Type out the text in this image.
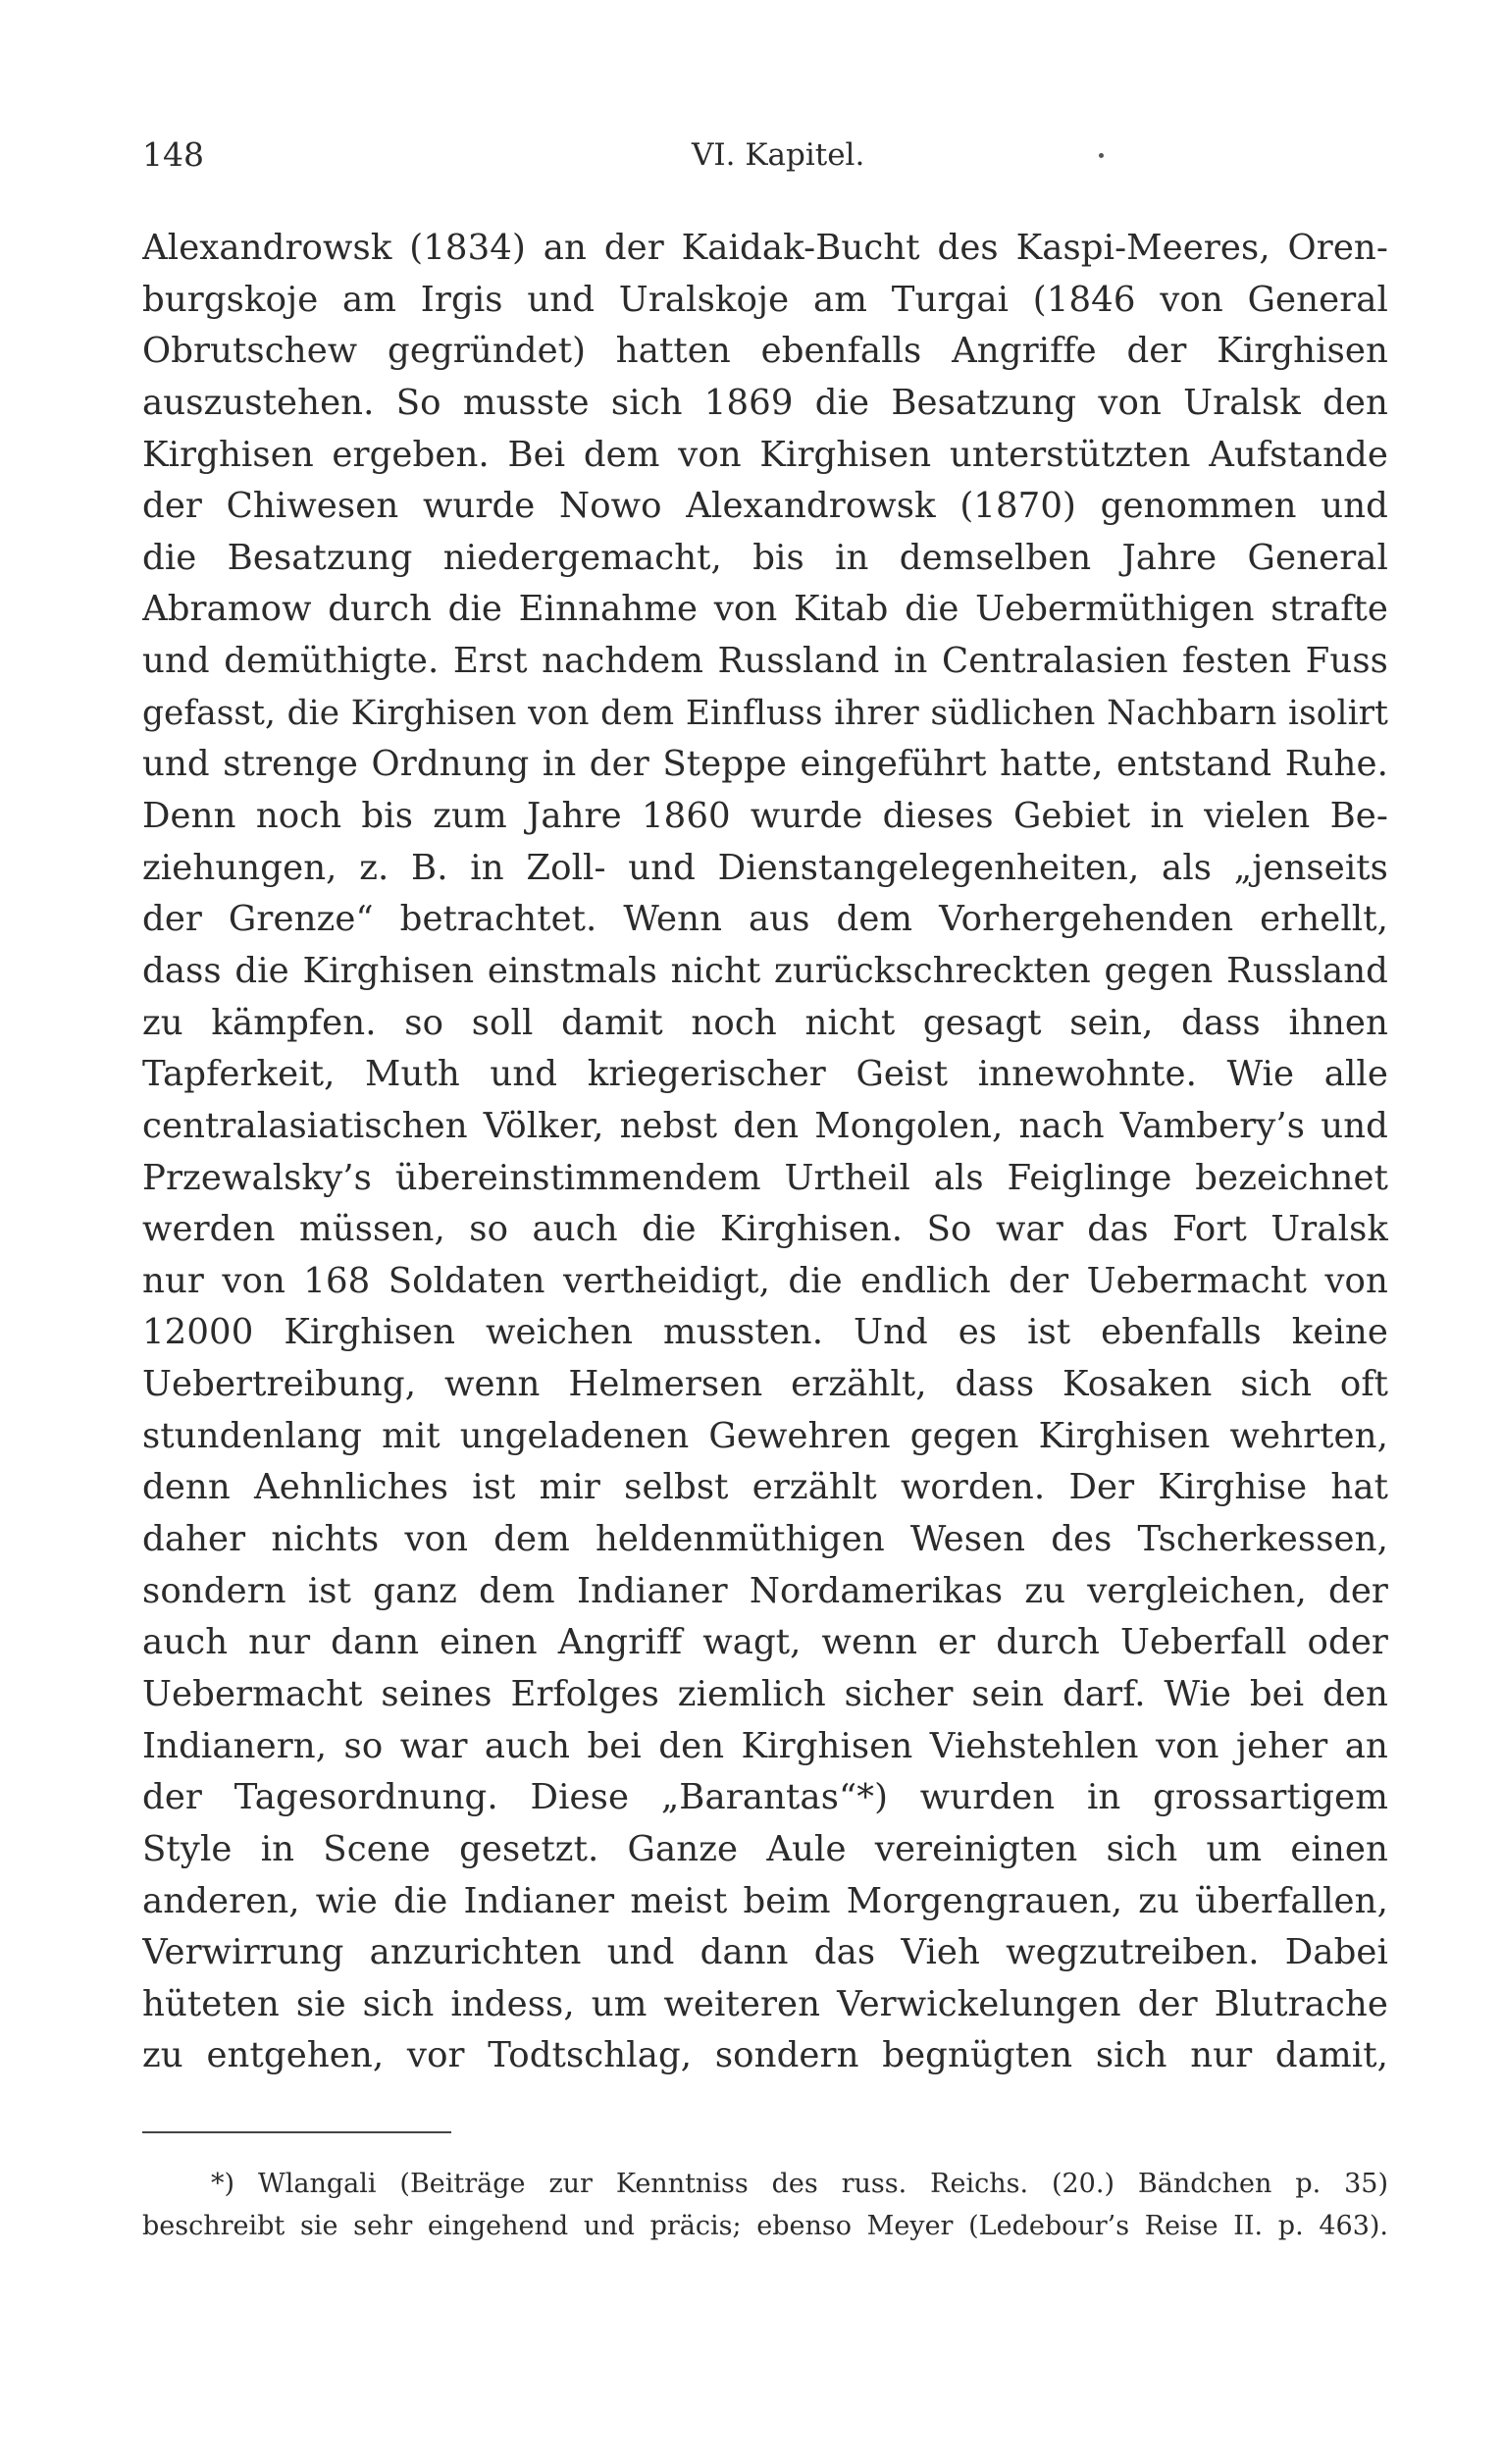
148	VI. Kapitel.
Alexandrowsk (1834) an der Kaidak-Bucht des Kaspi-Meeres, Oren-
burgskoje am Irgis und Uralskoje am Turgai (1846 von General
Obrutschew gegründet) hatten ebenfalls Angriffe der Kirghisen
auszustehen. So musste sich 1869 die Besatzung von Uralsk den
Kirghisen ergeben. Bei dem von Kirghisen unterstützten Aufstande
der Chiwesen wurde Nowo Alexandrowsk (1870) genommen und
die Besatzung niedergemacht, bis in demselben Jahre General
Abramow durch die Einnahme von Kitab die Uebermüthigen strafte
und demüthigte. Erst nachdem Russland in Centralasien festen Fuss
gefasst, die Kirghisen von dem Einfluss ihrer südlichen Nachbarn isolirt
und strenge Ordnung in der Steppe eingeführt hatte, entstand Ruhe.
Denn noch bis zum Jahre 1860 wurde dieses Gebiet in vielen Be-
ziehungen, z. B. in Zoll- und Dienstangelegenheiten, als „jenseits
der Grenze“ betrachtet. Wenn aus dem Vorhergehenden erhellt,
dass die Kirghisen einstmals nicht zurückschreckten gegen Russland
zu kämpfen. so soll damit noch nicht gesagt sein, dass ihnen
Tapferkeit, Muth und kriegerischer Geist innewohnte. Wie alle
centralasiatischen Völker, nebst den Mongolen, nach Vambery’s und
Przewalsky’s übereinstimmendem Urtheil als Feiglinge bezeichnet
werden müssen, so auch die Kirghisen. So war das Fort Uralsk
nur von 168 Soldaten vertheidigt, die endlich der Uebermacht von
12000 Kirghisen weichen mussten. Und es ist ebenfalls keine
Uebertreibung, wenn Helmersen erzählt, dass Kosaken sich oft
stundenlang mit ungeladenen Gewehren gegen Kirghisen wehrten,
denn Aehnliches ist mir selbst erzählt worden. Der Kirghise hat
daher nichts von dem heldenmüthigen Wesen des Tscherkessen,
sondern ist ganz dem Indianer Nordamerikas zu vergleichen, der
auch nur dann einen Angriff wagt, wenn er durch Ueberfall oder
Uebermacht seines Erfolges ziemlich sicher sein darf. Wie bei den
Indianern, so war auch bei den Kirghisen Viehstehlen von jeher an
der Tagesordnung. Diese „Barantas“*) wurden in grossartigem
Style in Scene gesetzt. Ganze Aule vereinigten sich um einen
anderen, wie die Indianer meist beim Morgengrauen, zu überfallen,
Verwirrung anzurichten und dann das Vieh wegzutreiben. Dabei
hüteten sie sich indess, um weiteren Verwickelungen der Blutrache
zu entgehen, vor Todtschlag, sondern begnügten sich nur damit,
*) Wlangali (Beiträge zur Kenntniss des russ. Reichs. (20.) Bändchen p. 35)
beschreibt sie sehr eingehend und präcis; ebenso Meyer (Ledebour’s Reise II. p. 463).
